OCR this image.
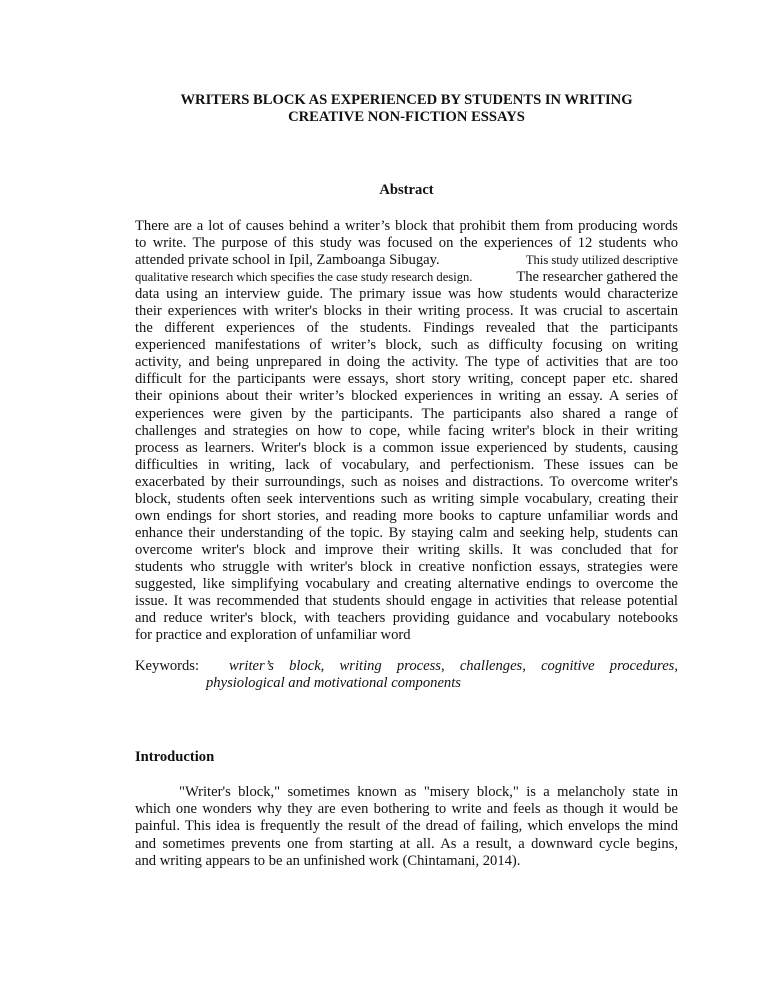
WRITERS BLOCK AS EXPERIENCED BY STUDENTS IN WRITING
CREATIVE NON-FICTION ESSAYS
Abstract
There are a lot of causes behind a writer’s block that prohibit them from producing words
to write. The purpose of this study was focused on the experiences of 12 students who
attended private school in Ipil, Zamboanga Sibugay.	This study utilized descriptive
qualitative research which specifies the case study research design.	The researcher gathered the
data using an interview guide. The primary issue was how students would characterize
their experiences with writer's blocks in their writing process. It was crucial to ascertain
the different experiences of the students. Findings revealed that the participants
experienced manifestations of writer’s block, such as difficulty focusing on writing
activity, and being unprepared in doing the activity. The type of activities that are too
difficult for the participants were essays, short story writing, concept paper etc. shared
their opinions about their writer’s blocked experiences in writing an essay. A series of
experiences were given by the participants. The participants also shared a range of
challenges and strategies on how to cope, while facing writer's block in their writing
process as learners. Writer's block is a common issue experienced by students, causing
difficulties in writing, lack of vocabulary, and perfectionism. These issues can be
exacerbated by their surroundings, such as noises and distractions. To overcome writer's
block, students often seek interventions such as writing simple vocabulary, creating their
own endings for short stories, and reading more books to capture unfamiliar words and
enhance their understanding of the topic. By staying calm and seeking help, students can
overcome writer's block and improve their writing skills. It was concluded that for
students who struggle with writer's block in creative nonfiction essays, strategies were
suggested, like simplifying vocabulary and creating alternative endings to overcome the
issue. It was recommended that students should engage in activities that release potential
and reduce writer's block, with teachers providing guidance and vocabulary notebooks
for practice and exploration of unfamiliar word
Keywords: writer’s block, writing process, challenges, cognitive procedures,
physiological and motivational components
Introduction
"Writer's block," sometimes known as "misery block," is a melancholy state in
which one wonders why they are even bothering to write and feels as though it would be
painful. This idea is frequently the result of the dread of failing, which envelops the mind
and sometimes prevents one from starting at all. As a result, a downward cycle begins,
and writing appears to be an unfinished work (Chintamani, 2014).
